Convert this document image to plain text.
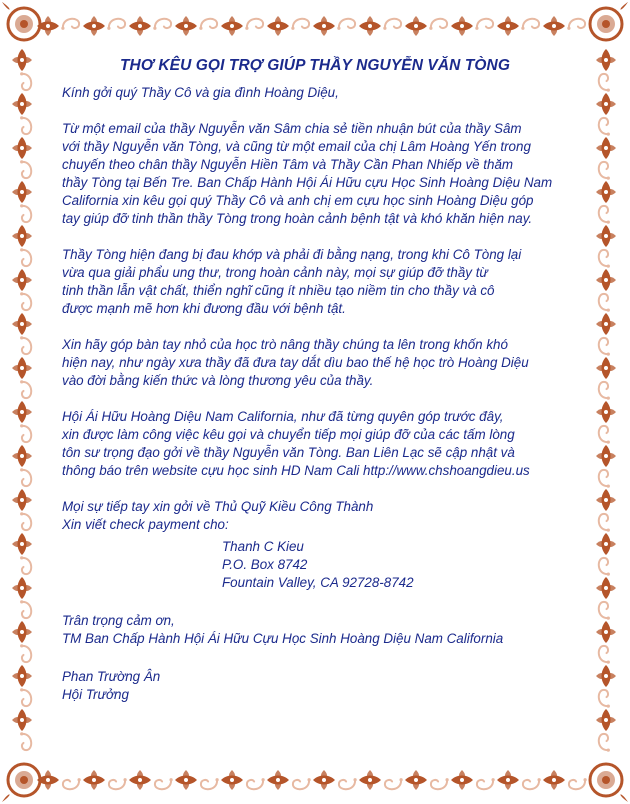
THƠ KÊU GỌI TRỢ GIÚP THẦY NGUYỄN VĂN TÒNG
Kính gởi quý Thầy Cô và gia đình Hoàng Diệu,
Từ một email của thầy Nguyễn văn Sâm chia sẻ tiền nhuận bút của thầy Sâm
với thầy Nguyễn văn Tòng, và cũng từ một email của chị Lâm Hoàng Yến trong
chuyến theo chân thầy Nguyễn Hiền Tâm và Thầy Cần Phan Nhiếp về thăm
thầy Tòng tại Bến Tre. Ban Chấp Hành Hội Ái Hữu cựu Học Sinh Hoàng Diệu Nam
California xin kêu gọi quý Thầy Cô và anh chị em cựu học sinh Hoàng Diệu góp
tay giúp đỡ tinh thần thầy Tòng trong hoàn cảnh bệnh tật và khó khăn hiện nay.
Thầy Tòng hiện đang bị đau khớp và phải đi bằng nạng, trong khi Cô Tòng lại
vừa qua giải phẩu ung thư, trong hoàn cảnh này, mọi sự giúp đỡ thầy từ
tinh thần lẫn vật chất, thiển nghĩ cũng ít nhiều tạo niềm tin cho thầy và cô
được mạnh mẽ hơn khi đương đầu với bệnh tật.
Xin hãy góp bàn tay nhỏ của học trò nâng thầy chúng ta lên trong khốn khó
hiện nay, như ngày xưa thầy đã đưa tay dắt dìu bao thế hệ học trò Hoàng Diệu
vào đời bằng kiến thức và lòng thương yêu của thầy.
Hội Ái Hữu Hoàng Diệu Nam California, như đã từng quyên góp trước đây,
xin được làm công việc kêu gọi và chuyển tiếp mọi giúp đỡ của các tấm lòng
tôn sư trọng đạo gởi về thầy Nguyễn văn Tòng. Ban Liên Lạc sẽ cập nhật và
thông báo trên website cựu học sinh HD Nam Cali http://www.chshoangdieu.us
Mọi sự tiếp tay xin gởi về Thủ Quỹ Kiều Công Thành
Xin viết check payment cho:
Thanh C Kieu
P.O. Box 8742
Fountain Valley, CA 92728-8742
Trân trọng cảm ơn,
TM Ban Chấp Hành Hội Ái Hữu Cựu Học Sinh Hoàng Diệu Nam California
Phan Trường Ân
Hội Trưởng
